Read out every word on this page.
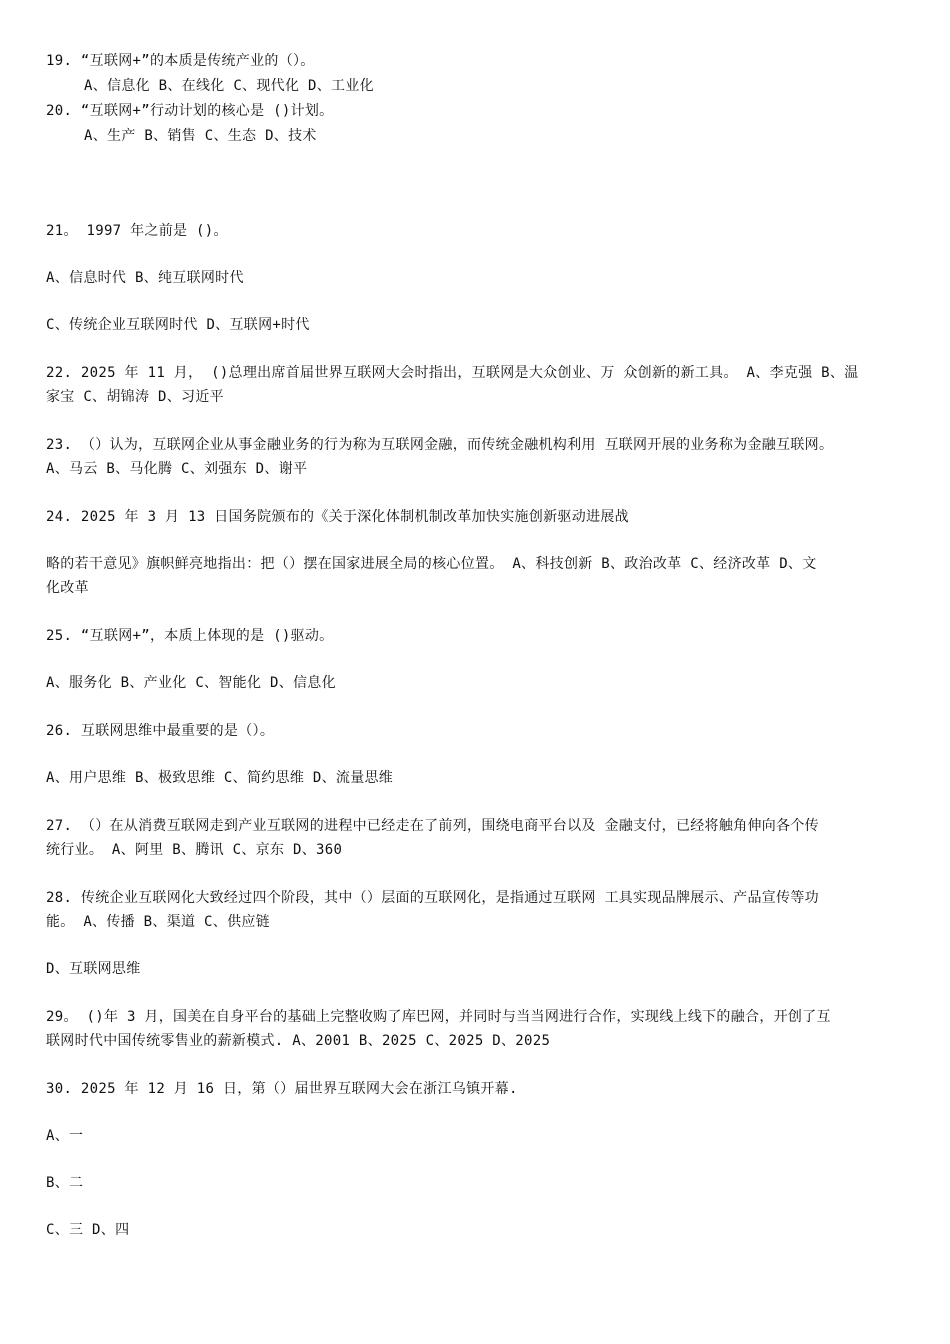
19. “互联网+”的本质是传统产业的（）。
A、信息化 B、在线化 C、现代化 D、工业化
20. “互联网+”行动计划的核心是 ()计划。
A、生产 B、销售 C、生态 D、技术
21。 1997 年之前是 ()。
A、信息时代 B、纯互联网时代
C、传统企业互联网时代 D、互联网+时代
22. 2025 年 11 月， ()总理出席首届世界互联网大会时指出，互联网是大众创业、万 众创新的新工具。 A、李克强 B、温
家宝 C、胡锦涛 D、习近平
23. （）认为，互联网企业从事金融业务的行为称为互联网金融，而传统金融机构利用 互联网开展的业务称为金融互联网。
A、马云 B、马化腾 C、刘强东 D、谢平
24. 2025 年 3 月 13 日国务院颁布的《关于深化体制机制改革加快实施创新驱动进展战
略的若干意见》旗帜鲜亮地指出：把（）摆在国家进展全局的核心位置。 A、科技创新 B、政治改革 C、经济改革 D、文
化改革
25. “互联网+”，本质上体现的是 ()驱动。
A、服务化 B、产业化 C、智能化 D、信息化
26. 互联网思维中最重要的是（）。
A、用户思维 B、极致思维 C、简约思维 D、流量思维
27. （）在从消费互联网走到产业互联网的进程中已经走在了前列，围绕电商平台以及 金融支付，已经将触角伸向各个传
统行业。 A、阿里 B、腾讯 C、京东 D、360
28. 传统企业互联网化大致经过四个阶段，其中（）层面的互联网化，是指通过互联网 工具实现品牌展示、产品宣传等功
能。 A、传播 B、渠道 C、供应链
D、互联网思维
29。 ()年 3 月，国美在自身平台的基础上完整收购了库巴网，并同时与当当网进行合作，实现线上线下的融合，开创了互
联网时代中国传统零售业的薪新模式. A、2001 B、2025 C、2025 D、2025
30. 2025 年 12 月 16 日，第（）届世界互联网大会在浙江乌镇开幕.
A、一
B、二
C、三 D、四
